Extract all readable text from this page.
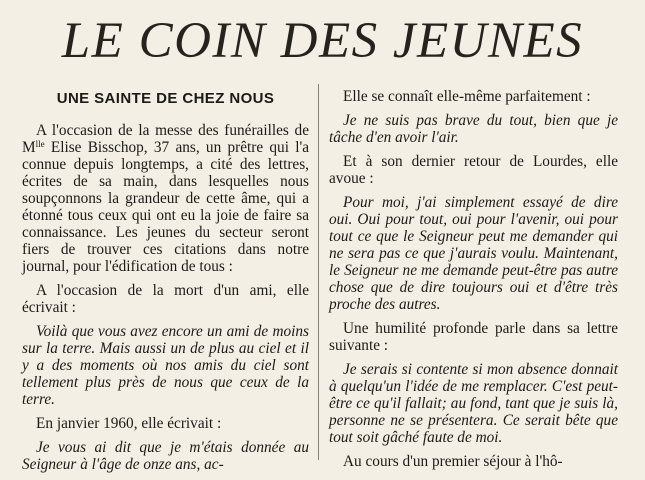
LE COIN DES JEUNES
UNE SAINTE DE CHEZ NOUS

A l'occasion de la messe des funérailles de $M^{lle}$ Elise Bisschop, 37 ans, un prêtre qui l'a connue depuis longtemps, a cité des lettres, écrites de sa main, dans lesquelles nous soupçonnons la grandeur de cette âme, qui a étonné tous ceux qui ont eu la joie de faire sa connaissance. Les jeunes du secteur seront fiers de trouver ces citations dans notre journal, pour l'édification de tous :

A l'occasion de la mort d'un ami, elle écrivait :

Voilà que vous avez encore un ami de moins sur la terre. Mais aussi un de plus au ciel et il y a des moments où nos amis du ciel sont tellement plus près de nous que ceux de la terre.

En janvier 1960, elle écrivait :

Je vous ai dit que je m'étais donnée au Seigneur à l'âge de onze ans, ac-

Elle se connaît elle-même parfaitement :

Je ne suis pas brave du tout, bien que je tâche d'en avoir l'air.

Et à son dernier retour de Lourdes, elle avoue :

Pour moi, j'ai simplement essayé de dire oui. Oui pour tout, oui pour l'avenir, oui pour tout ce que le Seigneur peut me demander qui ne sera pas ce que j'aurais voulu. Maintenant, le Seigneur ne me demande peut-être pas autre chose que de dire toujours oui et d'être très proche des autres.

Une humilité profonde parle dans sa lettre suivante :

Je serais si contente si mon absence donnait à quelqu'un l'idée de me remplacer. C'est peut-être ce qu'il fallait; au fond, tant que je suis là, personne ne se présentera. Ce serait bête que tout soit gâché faute de moi.

Au cours d'un premier séjour à l'hô-
